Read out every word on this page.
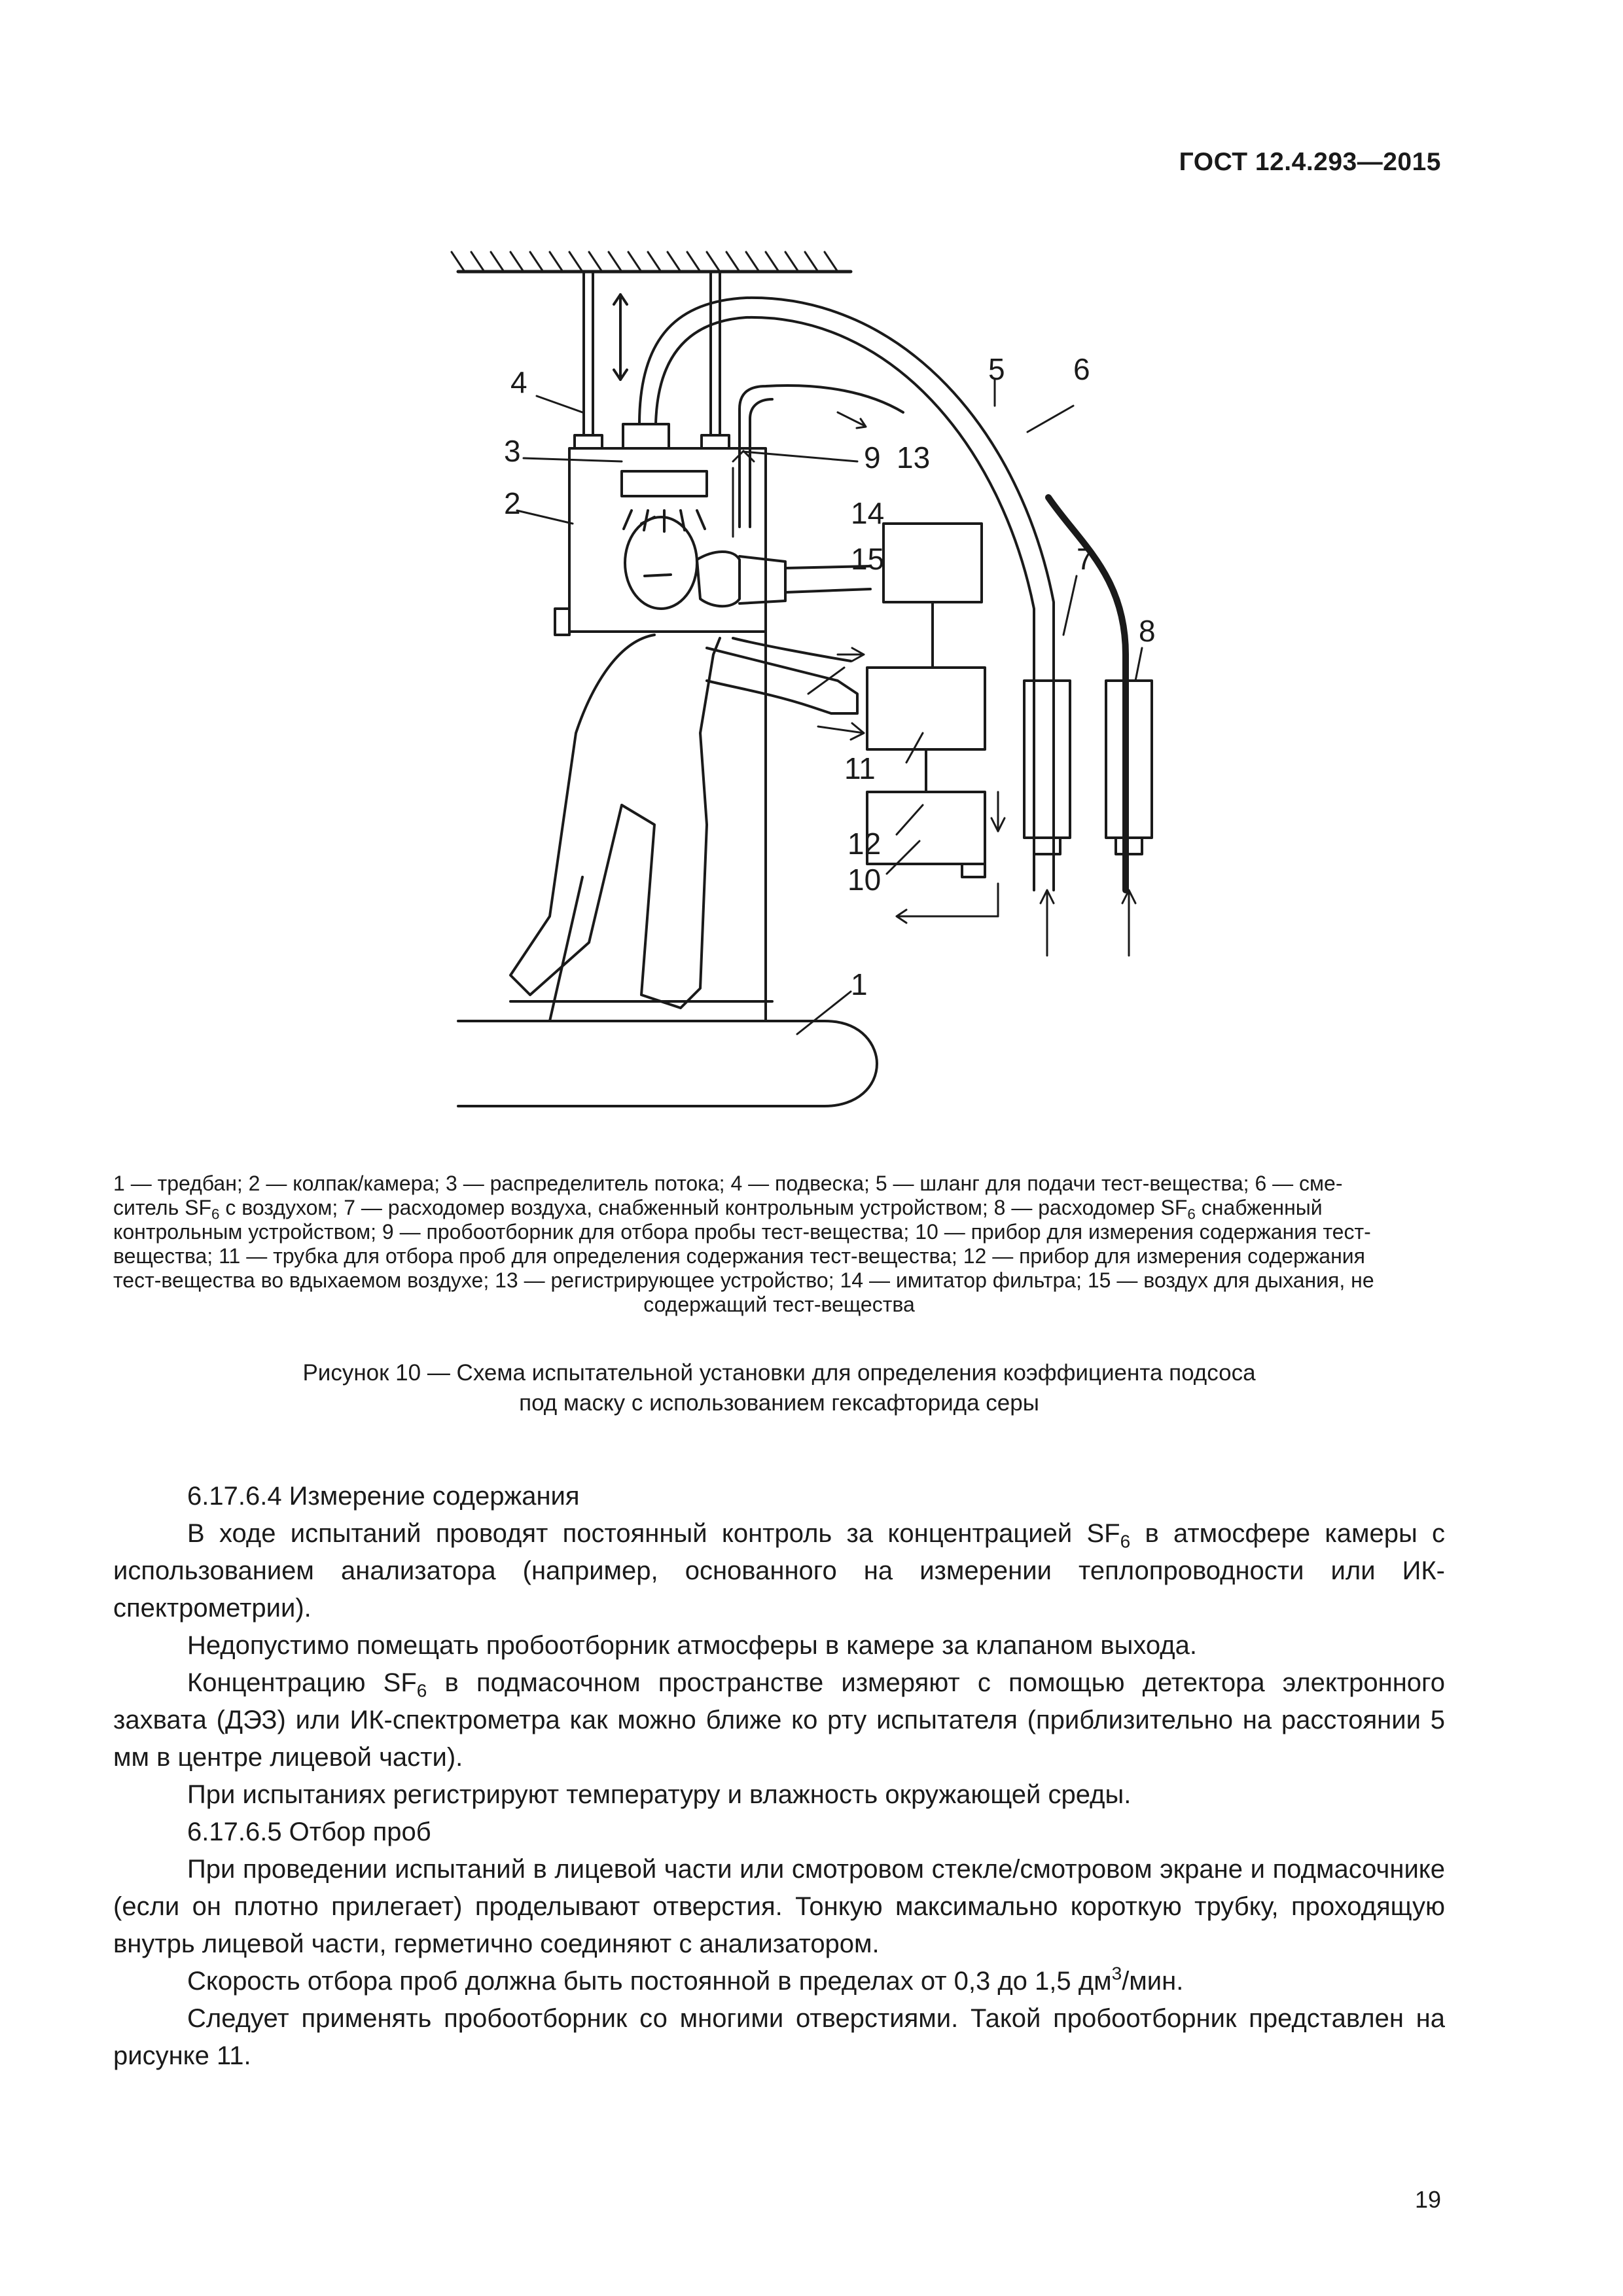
ГОСТ 12.4.293—2015
4
3
2
9 13
14
15
5 6
7
8
11
12
10
1

1 — тредбан; 2 — колпак/камера; 3 — распределитель потока; 4 — подвеска; 5 — шланг для подачи тест-вещества; 6 — сме-

ситель $SF_6$ с воздухом; 7 — расходомер воздуха, снабженный контрольным устройством; 8 — расходомер $SF_6$ снабженный

контрольным устройством; 9 — пробоотборник для отбора пробы тест-вещества; 10 — прибор для измерения содержания тест-

вещества; 11 — трубка для отбора проб для определения содержания тест-вещества; 12 — прибор для измерения содержания

тест-вещества во вдыхаемом воздухе; 13 — регистрирующее устройство; 14 — имитатор фильтра; 15 — воздух для дыхания, не

содержащий тест-вещества

Рисунок 10 — Схема испытательной установки для определения коэффициента подсоса

под маску с использованием гексафторида серы

6.17.6.4 Измерение содержания

В ходе испытаний проводят постоянный контроль за концентрацией $SF_6$ в атмосфере камеры с использованием анализатора (например, основанного на измерении теплопроводности или ИК-спектрометрии).

Недопустимо помещать пробоотборник атмосферы в камере за клапаном выхода.

Концентрацию $SF_6$ в подмасочном пространстве измеряют с помощью детектора электронного захвата (ДЭЗ) или ИК-спектрометра как можно ближе ко рту испытателя (приблизительно на расстоянии 5 мм в центре лицевой части).

При испытаниях регистрируют температуру и влажность окружающей среды.

6.17.6.5 Отбор проб

При проведении испытаний в лицевой части или смотровом стекле/смотровом экране и подмасочнике (если он плотно прилегает) проделывают отверстия. Тонкую максимально короткую трубку, проходящую внутрь лицевой части, герметично соединяют с анализатором.

Скорость отбора проб должна быть постоянной в пределах от 0,3 до 1,5 $дм^3$/мин.

Следует применять пробоотборник со многими отверстиями. Такой пробоотборник представлен на рисунке 11.

19
